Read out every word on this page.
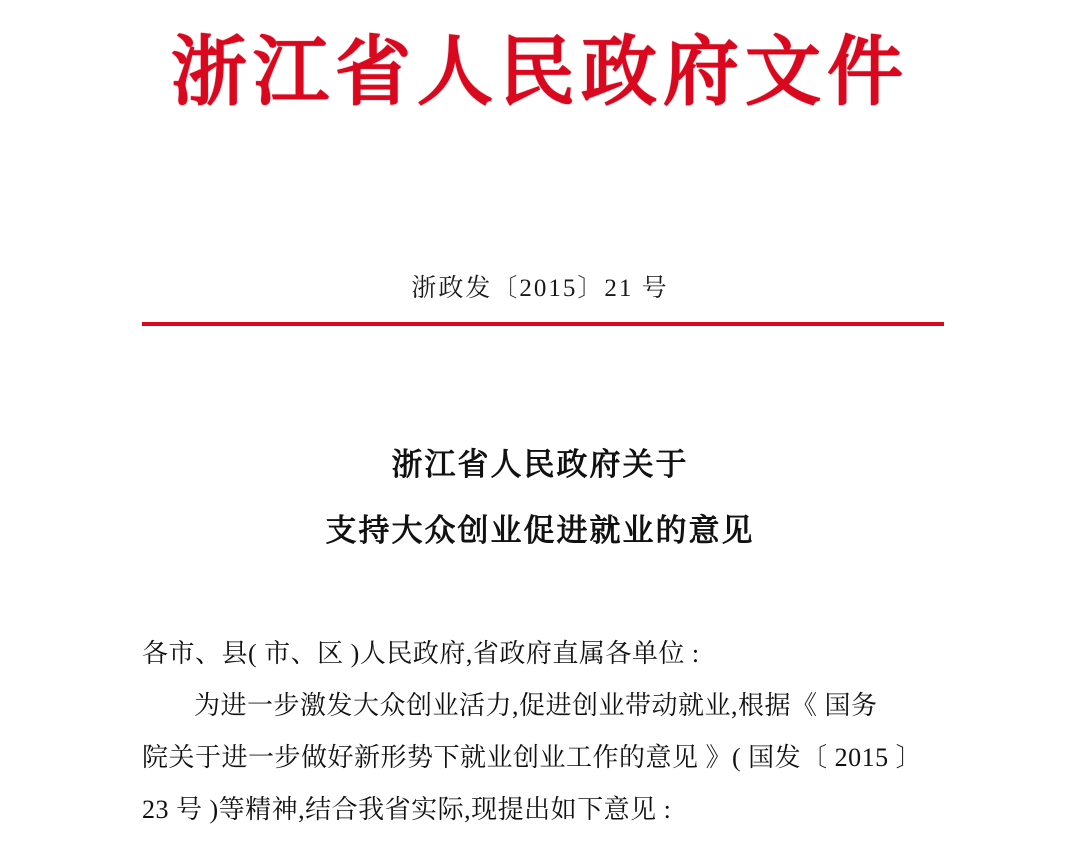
浙江省人民政府文件
浙政发〔2015〕21 号
浙江省人民政府关于
支持大众创业促进就业的意见
各市、县( 市、区 )人民政府,省政府直属各单位 :
为进一步激发大众创业活力,促进创业带动就业,根据《 国务
院关于进一步做好新形势下就业创业工作的意见 》( 国发〔 2015 〕
23 号 )等精神,结合我省实际,现提出如下意见 :
